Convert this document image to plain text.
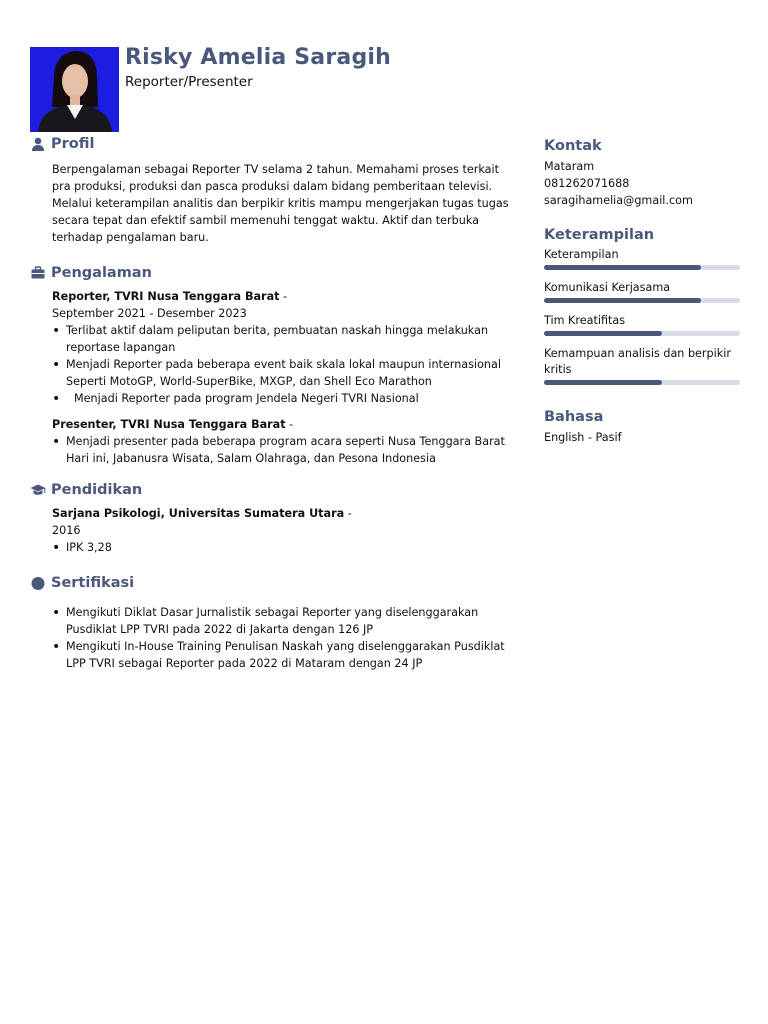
Risky Amelia Saragih
Reporter/Presenter
Profil

Berpengalaman sebagai Reporter TV selama 2 tahun. Memahami proses terkait pra produksi, produksi dan pasca produksi dalam bidang pemberitaan televisi. Melalui keterampilan analitis dan berpikir kritis mampu mengerjakan tugas tugas secara tepat dan efektif sambil memenuhi tenggat waktu. Aktif dan terbuka terhadap pengalaman baru.

Pengalaman
Reporter, TVRI Nusa Tenggara Barat -
September 2021 - Desember 2023
• Terlibat aktif dalam peliputan berita, pembuatan naskah hingga melakukan reportase lapangan
• Menjadi Reporter pada beberapa event baik skala lokal maupun internasional Seperti MotoGP, World-SuperBike, MXGP, dan Shell Eco Marathon
• Menjadi Reporter pada program Jendela Negeri TVRI Nasional
Presenter, TVRI Nusa Tenggara Barat -
• Menjadi presenter pada beberapa program acara seperti Nusa Tenggara Barat Hari ini, Jabanusra Wisata, Salam Olahraga, dan Pesona Indonesia
Pendidikan
Sarjana Psikologi, Universitas Sumatera Utara -
2016
• IPK 3,28
Sertifikasi
• Mengikuti Diklat Dasar Jurnalistik sebagai Reporter yang diselenggarakan Pusdiklat LPP TVRI pada 2022 di Jakarta dengan 126 JP
• Mengikuti In-House Training Penulisan Naskah yang diselenggarakan Pusdiklat LPP TVRI sebagai Reporter pada 2022 di Mataram dengan 24 JP
Kontak
Mataram
081262071688
saragihamelia@gmail.com
Keterampilan
Keterampilan
Komunikasi Kerjasama
Tim Kreatifitas
Kemampuan analisis dan berpikir kritis
Bahasa
English - Pasif
